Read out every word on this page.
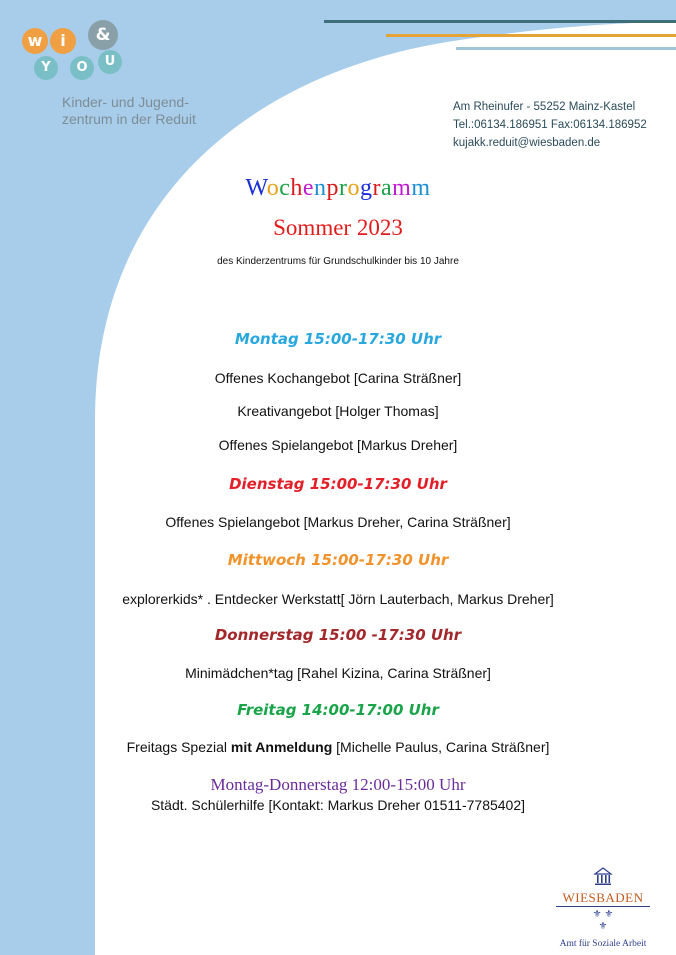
w	i	&
Y	O	U
Kinder- und Jugend-
zentrum in der Reduit
Am Rheinufer - 55252 Mainz-Kastel
Tel.:06134.186951 Fax:06134.186952
kujakk.reduit@wiesbaden.de
Wochenprogramm
Sommer 2023
des Kinderzentrums für Grundschulkinder bis 10 Jahre
Montag 15:00-17:30 Uhr
Offenes Kochangebot [Carina Sträßner]
Kreativangebot [Holger Thomas]
Offenes Spielangebot [Markus Dreher]
Dienstag 15:00-17:30 Uhr
Offenes Spielangebot [Markus Dreher, Carina Sträßner]
Mittwoch 15:00-17:30 Uhr
explorerkids* . Entdecker Werkstatt[ Jörn Lauterbach, Markus Dreher]
Donnerstag 15:00 -17:30 Uhr
Minimädchen*tag [Rahel Kizina, Carina Sträßner]
Freitag 14:00-17:00 Uhr
Freitags Spezial mit Anmeldung [Michelle Paulus, Carina Sträßner]
Montag-Donnerstag 12:00-15:00 Uhr
Städt. Schülerhilfe [Kontakt: Markus Dreher 01511-7785402]
WIESBADEN
⚜ ⚜
⚜
Amt für Soziale Arbeit
